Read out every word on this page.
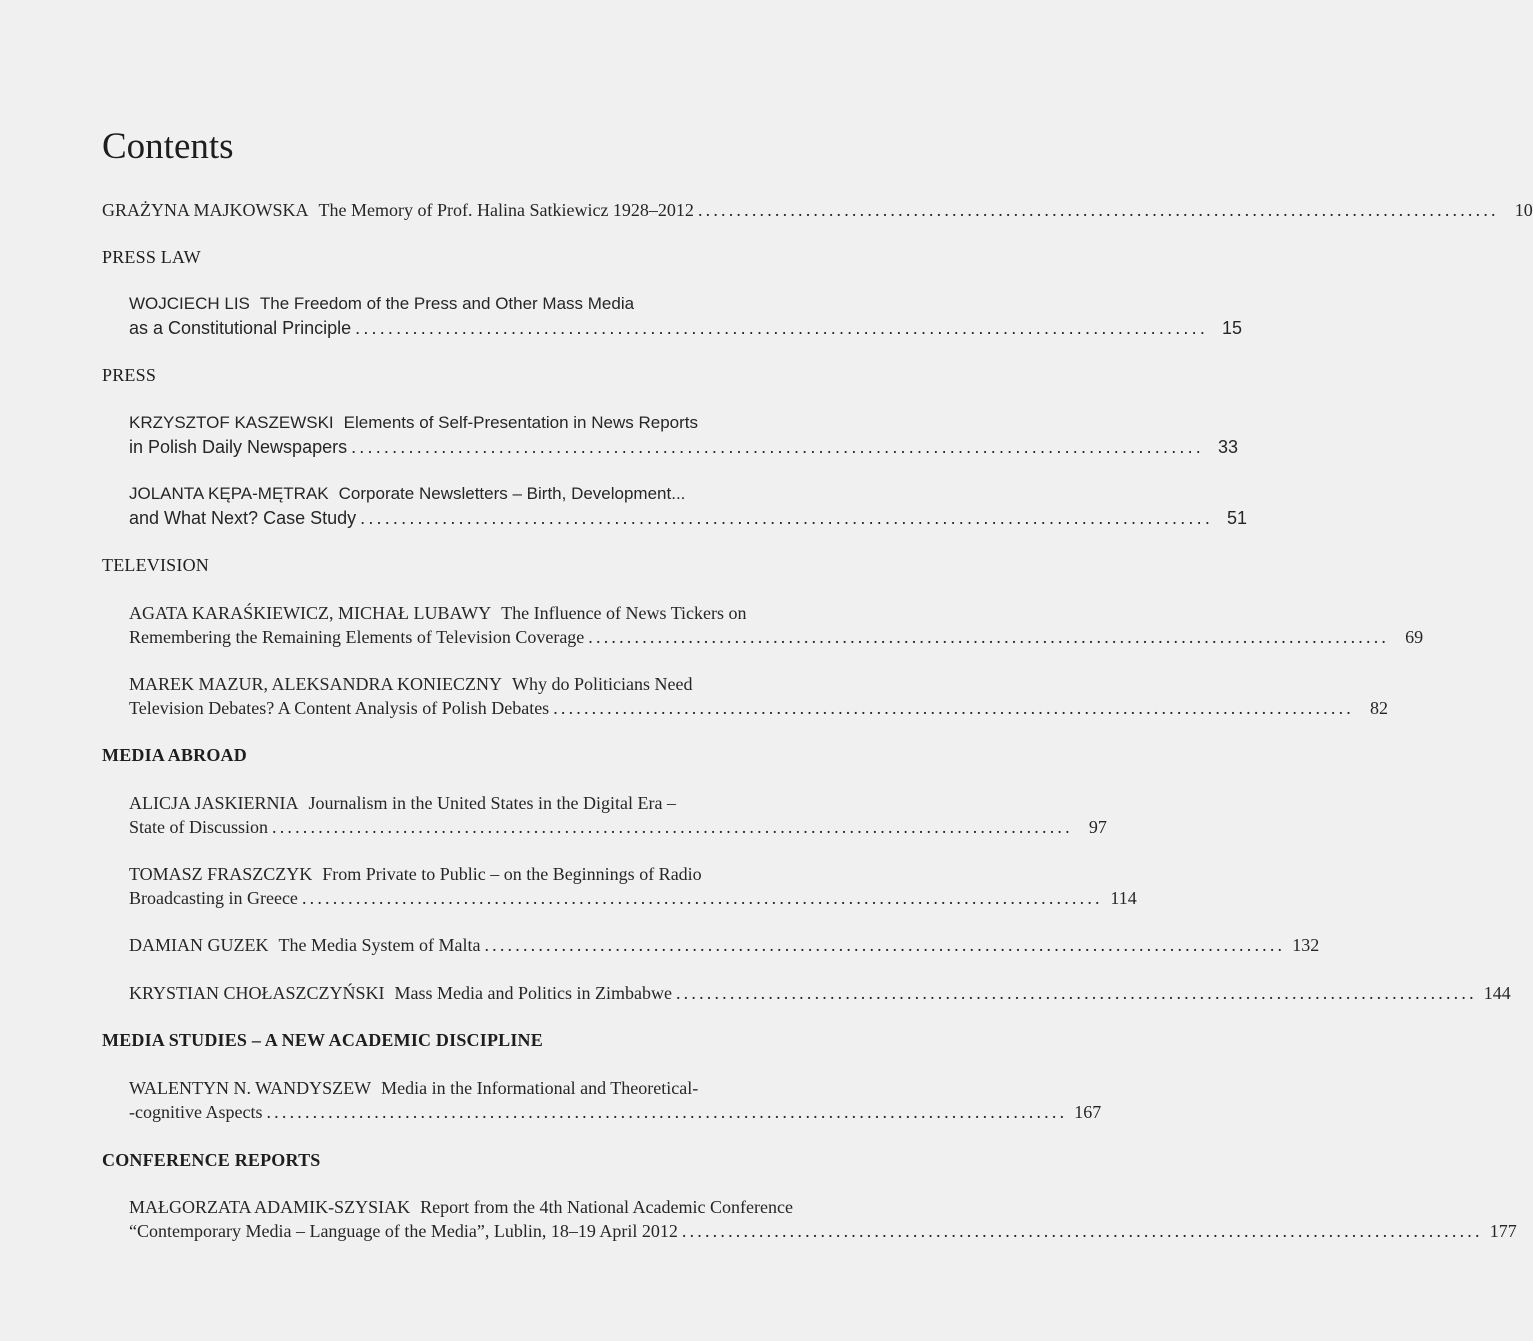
Contents
GRAŻYNA MAJKOWSKA The Memory of Prof. Halina Satkiewicz 1928–2012 ........................................................................................................ 10
PRESS LAW
WOJCIECH LIS The Freedom of the Press and Other Mass Media
as a Constitutional Principle ........................................................................................................ 15
PRESS
KRZYSZTOF KASZEWSKI Elements of Self-Presentation in News Reports
in Polish Daily Newspapers ........................................................................................................ 33
JOLANTA KĘPA-MĘTRAK Corporate Newsletters – Birth, Development...
and What Next? Case Study ........................................................................................................ 51
TELEVISION
AGATA KARAŚKIEWICZ, MICHAŁ LUBAWY The Influence of News Tickers on
Remembering the Remaining Elements of Television Coverage ........................................................................................................ 69
MAREK MAZUR, ALEKSANDRA KONIECZNY Why do Politicians Need
Television Debates? A Content Analysis of Polish Debates ........................................................................................................ 82
MEDIA ABROAD
ALICJA JASKIERNIA Journalism in the United States in the Digital Era –
State of Discussion ........................................................................................................ 97
TOMASZ FRASZCZYK From Private to Public – on the Beginnings of Radio
Broadcasting in Greece ........................................................................................................ 114
DAMIAN GUZEK The Media System of Malta ........................................................................................................ 132
KRYSTIAN CHOŁASZCZYŃSKI Mass Media and Politics in Zimbabwe ........................................................................................................ 144
MEDIA STUDIES – A NEW ACADEMIC DISCIPLINE
WALENTYN N. WANDYSZEW Media in the Informational and Theoretical-
-cognitive Aspects ........................................................................................................ 167
CONFERENCE REPORTS
MAŁGORZATA ADAMIK-SZYSIAK Report from the 4th National Academic Conference
“Contemporary Media – Language of the Media”, Lublin, 18–19 April 2012 ........................................................................................................ 177
